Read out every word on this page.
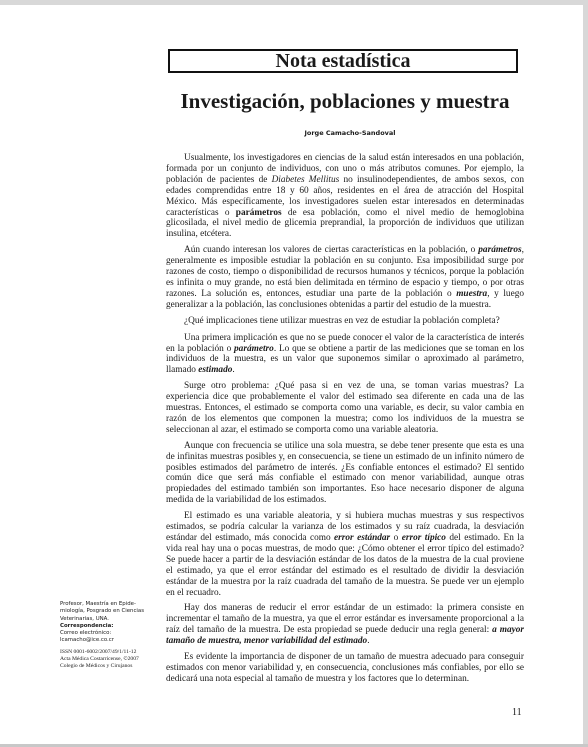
Nota estadística
Investigación, poblaciones y muestra
Jorge Camacho-Sandoval

Usualmente, los investigadores en ciencias de la salud están interesados en una población, formada por un conjunto de individuos, con uno o más atributos comunes. Por ejemplo, la población de pacientes de Diabetes Mellitus no insulinodependientes, de ambos sexos, con edades comprendidas entre 18 y 60 años, residentes en el área de atracción del Hospital México. Más específicamente, los investigadores suelen estar interesados en determinadas características o parámetros de esa población, como el nivel medio de hemoglobina glicosilada, el nivel medio de glicemia preprandial, la proporción de individuos que utilizan insulina, etcétera.

Aún cuando interesan los valores de ciertas características en la población, o parámetros, generalmente es imposible estudiar la población en su conjunto. Esa imposibilidad surge por razones de costo, tiempo o disponibilidad de recursos humanos y técnicos, porque la población es infinita o muy grande, no está bien delimitada en término de espacio y tiempo, o por otras razones. La solución es, entonces, estudiar una parte de la población o muestra, y luego generalizar a la población, las conclusiones obtenidas a partir del estudio de la muestra.

¿Qué implicaciones tiene utilizar muestras en vez de estudiar la población completa?

Una primera implicación es que no se puede conocer el valor de la característica de interés en la población o parámetro. Lo que se obtiene a partir de las mediciones que se toman en los individuos de la muestra, es un valor que suponemos similar o aproximado al parámetro, llamado estimado.

Surge otro problema: ¿Qué pasa si en vez de una, se toman varias muestras? La experiencia dice que probablemente el valor del estimado sea diferente en cada una de las muestras. Entonces, el estimado se comporta como una variable, es decir, su valor cambia en razón de los elementos que componen la muestra; como los individuos de la muestra se seleccionan al azar, el estimado se comporta como una variable aleatoria.

Aunque con frecuencia se utilice una sola muestra, se debe tener presente que esta es una de infinitas muestras posibles y, en consecuencia, se tiene un estimado de un infinito número de posibles estimados del parámetro de interés. ¿Es confiable entonces el estimado? El sentido común dice que será más confiable el estimado con menor variabilidad, aunque otras propiedades del estimado también son importantes. Eso hace necesario disponer de alguna medida de la variabilidad de los estimados.

El estimado es una variable aleatoria, y si hubiera muchas muestras y sus respectivos estimados, se podría calcular la varianza de los estimados y su raíz cuadrada, la desviación estándar del estimado, más conocida como error estándar o error típico del estimado. En la vida real hay una o pocas muestras, de modo que: ¿Cómo obtener el error típico del estimado? Se puede hacer a partir de la desviación estándar de los datos de la muestra de la cual proviene el estimado, ya que el error estándar del estimado es el resultado de dividir la desviación estándar de la muestra por la raíz cuadrada del tamaño de la muestra. Se puede ver un ejemplo en el recuadro.

Hay dos maneras de reducir el error estándar de un estimado: la primera consiste en incrementar el tamaño de la muestra, ya que el error estándar es inversamente proporcional a la raíz del tamaño de la muestra. De esta propiedad se puede deducir una regla general: a mayor tamaño de muestra, menor variabilidad del estimado.

Es evidente la importancia de disponer de un tamaño de muestra adecuado para conseguir estimados con menor variabilidad y, en consecuencia, conclusiones más confiables, por ello se dedicará una nota especial al tamaño de muestra y los factores que lo determinan.

Profesor, Maestría en Epide-
miología, Posgrado en Ciencias
Veterinarias, UNA.
Correspondencia:
Correo electrónico:
lcamacho@ice.co.cr
ISSN 0001-6002/2007/49/1/11-12
Acta Médica Costarricense, ©2007
Colegio de Médicos y Cirujanos
11
